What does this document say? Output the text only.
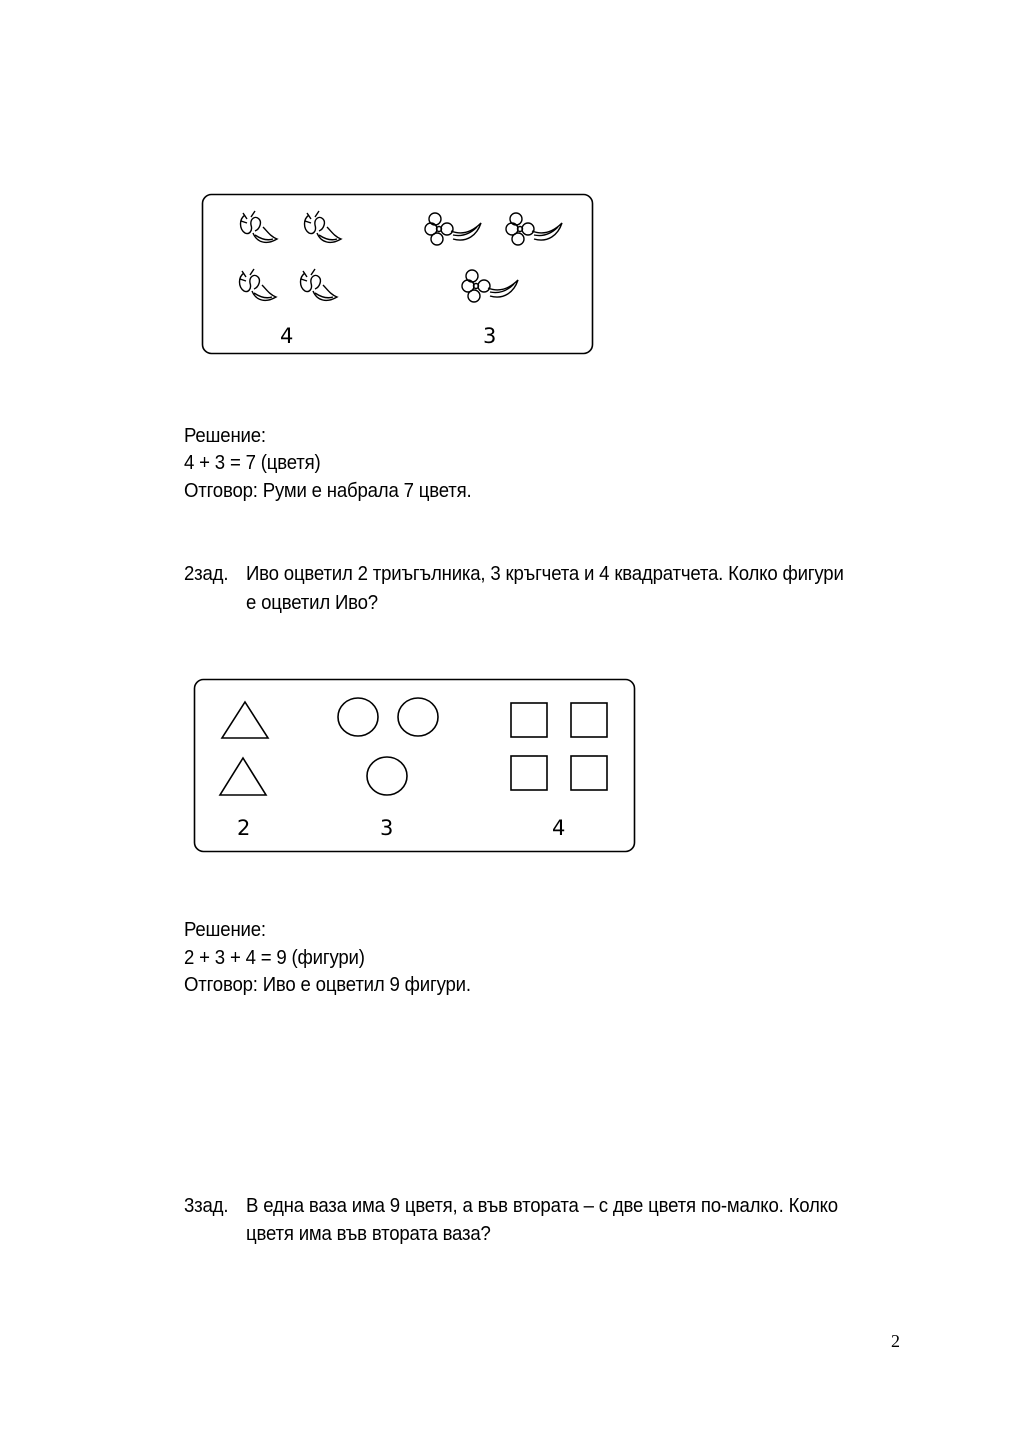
4	3
Решение:
4 + 3 = 7 (цветя)
Отговор: Руми е набрала 7 цветя.
2зад. Иво оцветил 2 триъгълника, 3 кръгчета и 4 квадратчета. Колко фигури
е оцветил Иво?
2	3	4
Решение:
2 + 3 + 4 = 9 (фигури)
Отговор: Иво е оцветил 9 фигури.
3зад. В една ваза има 9 цветя, а във втората – с две цветя по-малко. Колко
цветя има във втората ваза?
2
